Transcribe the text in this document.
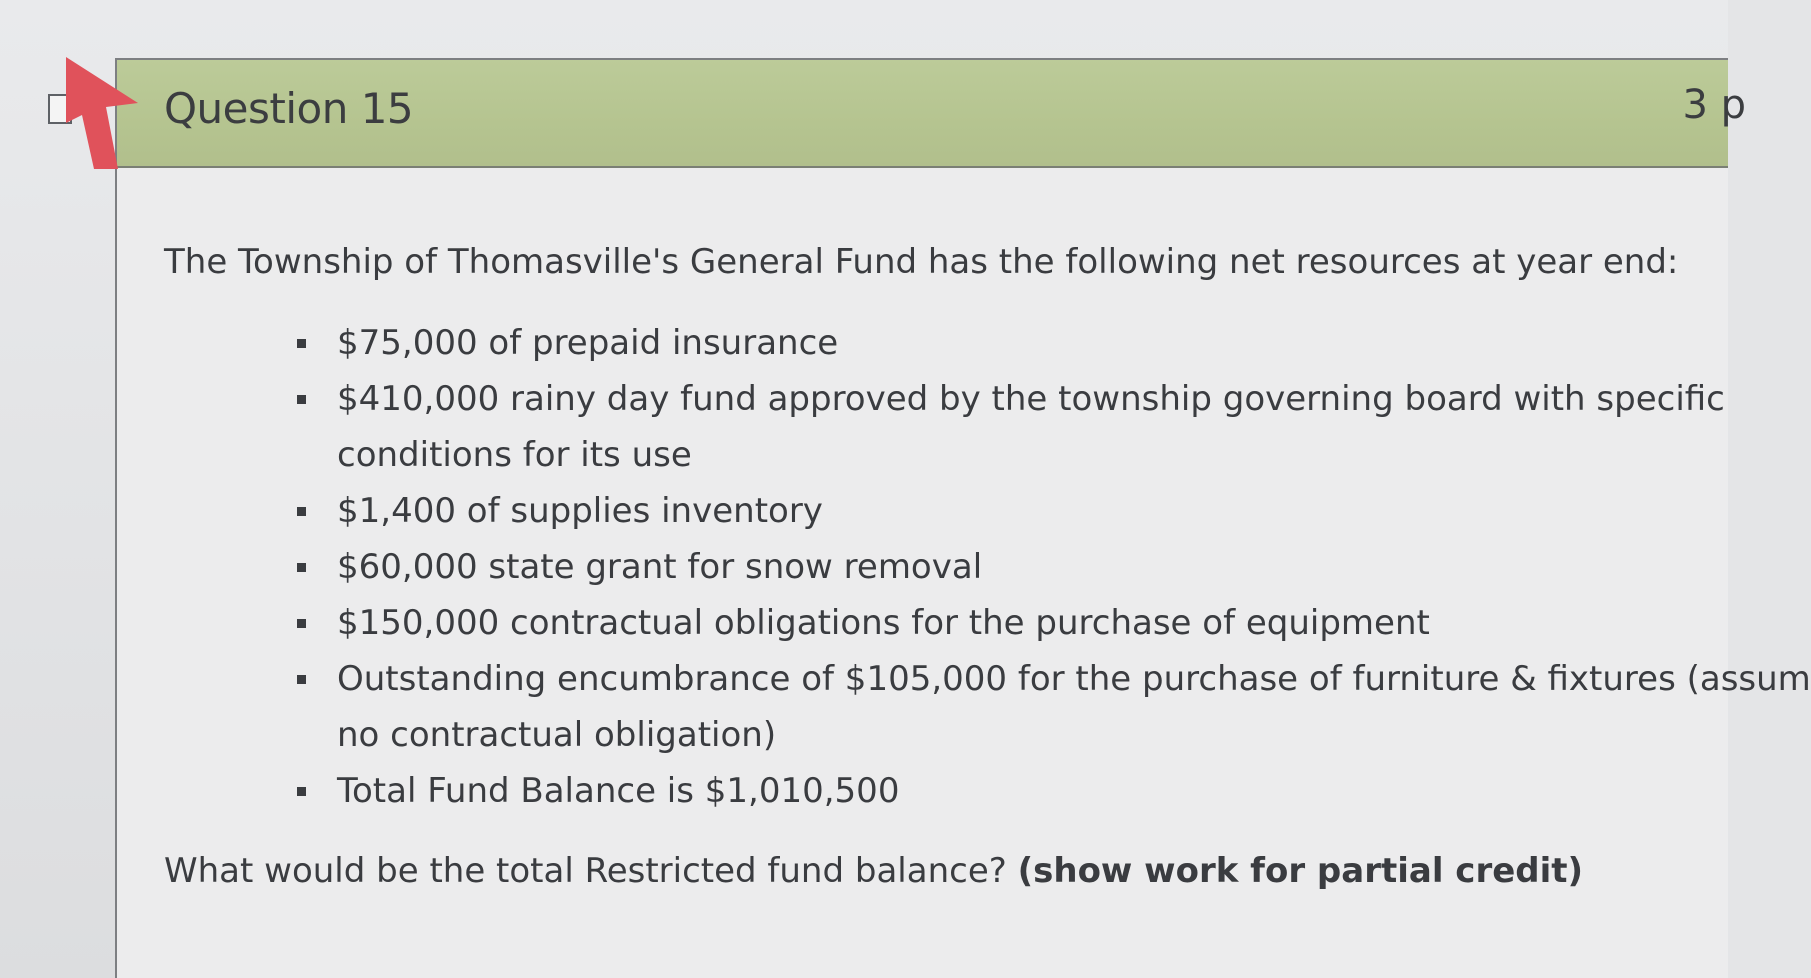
Question 15	3 p

The Township of Thomasville's General Fund has the following net resources at year end:

$75,000 of prepaid insurance
$410,000 rainy day fund approved by the township governing board with specific
conditions for its use
$1,400 of supplies inventory
$60,000 state grant for snow removal
$150,000 contractual obligations for the purchase of equipment
Outstanding encumbrance of $105,000 for the purchase of furniture & fixtures (assum
no contractual obligation)
Total Fund Balance is $1,010,500

What would be the total Restricted fund balance? (show work for partial credit)
